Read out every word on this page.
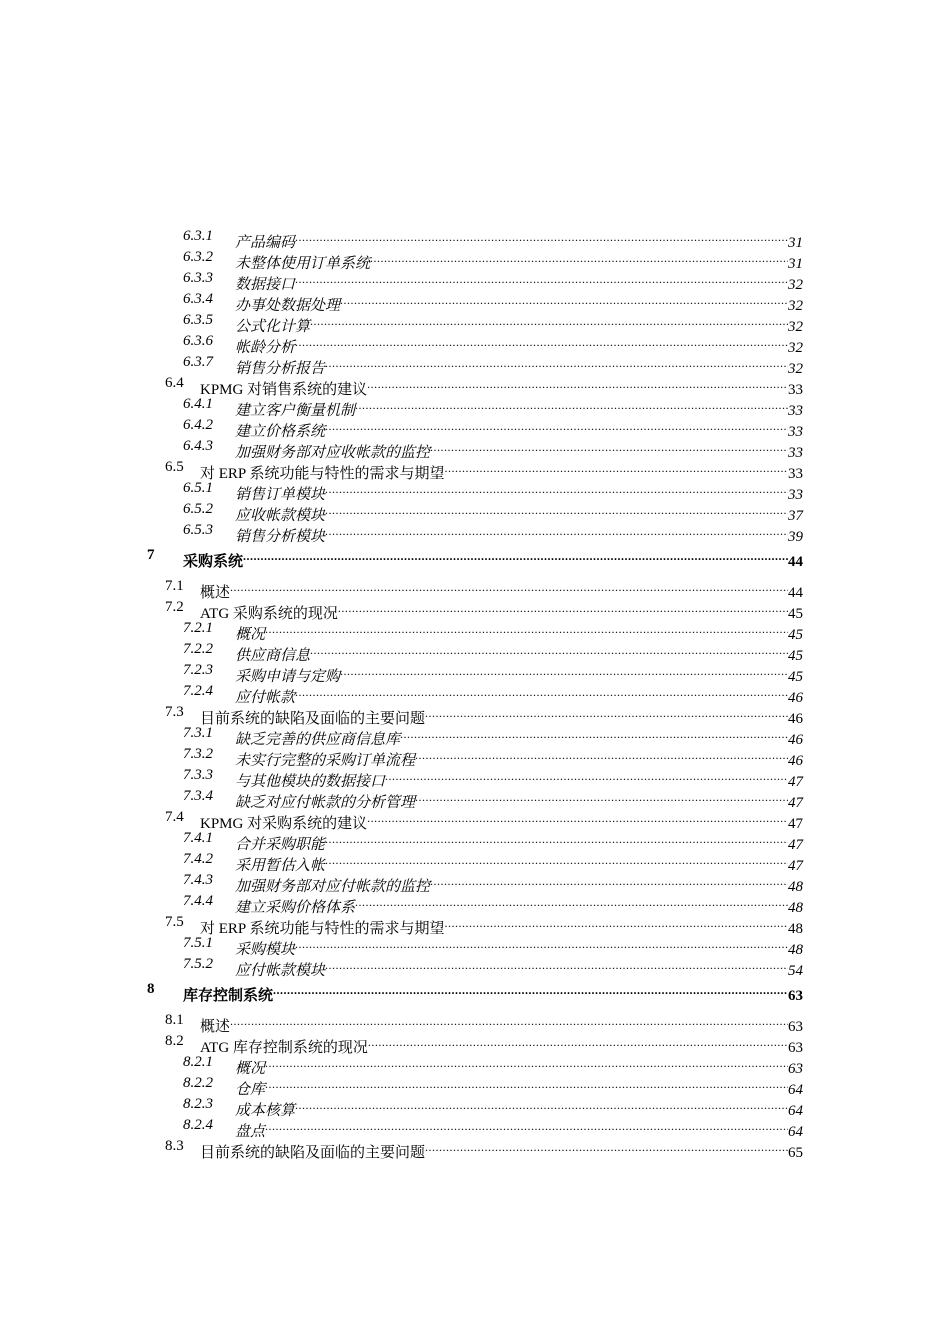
6.3.1 产品编码 .....	31
6.3.2 未整体使用订单系统 .....	31
6.3.3 数据接口 .....	32
6.3.4 办事处数据处理 .....	32
6.3.5 公式化计算 .....	32
6.3.6 帐龄分析 .....	32
6.3.7 销售分析报告 .....	32
6.4 KPMG 对销售系统的建议 .....	33
6.4.1 建立客户衡量机制 .....	33
6.4.2 建立价格系统 .....	33
6.4.3 加强财务部对应收帐款的监控 .....	33
6.5 对 ERP 系统功能与特性的需求与期望 .....	33
6.5.1 销售订单模块 .....	33
6.5.2 应收帐款模块 .....	37
6.5.3 销售分析模块 .....	39
7 采购系统 .....	44
7.1 概述 .....	44
7.2 ATG 采购系统的现况 .....	45
7.2.1 概况 .....	45
7.2.2 供应商信息 .....	45
7.2.3 采购申请与定购 .....	45
7.2.4 应付帐款 .....	46
7.3 目前系统的缺陷及面临的主要问题 .....	46
7.3.1 缺乏完善的供应商信息库 .....	46
7.3.2 未实行完整的采购订单流程 .....	46
7.3.3 与其他模块的数据接口 .....	47
7.3.4 缺乏对应付帐款的分析管理 .....	47
7.4 KPMG 对采购系统的建议 .....	47
7.4.1 合并采购职能 .....	47
7.4.2 采用暂估入帐 .....	47
7.4.3 加强财务部对应付帐款的监控 .....	48
7.4.4 建立采购价格体系 .....	48
7.5 对 ERP 系统功能与特性的需求与期望 .....	48
7.5.1 采购模块 .....	48
7.5.2 应付帐款模块 .....	54
8 库存控制系统 .....	63
8.1 概述 .....	63
8.2 ATG 库存控制系统的现况 .....	63
8.2.1 概况 .....	63
8.2.2 仓库 .....	64
8.2.3 成本核算 .....	64
8.2.4 盘点 .....	64
8.3 目前系统的缺陷及面临的主要问题 .....	65
